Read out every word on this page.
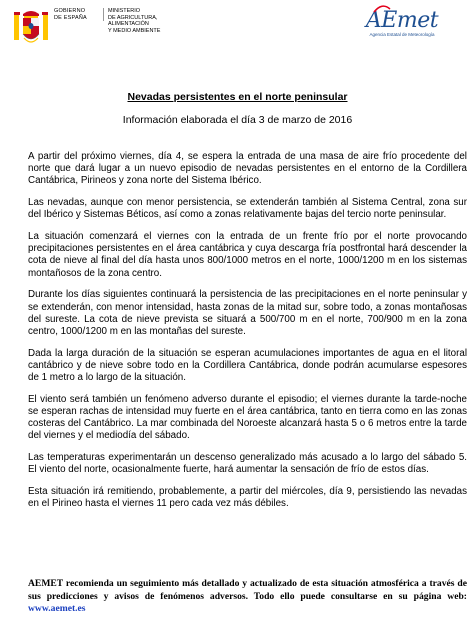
GOBIERNO
DE ESPAÑA
MINISTERIO
DE AGRICULTURA, ALIMENTACIÓN
Y MEDIO AMBIENTE	AEmet
Agencia Estatal de Meteorología
Nevadas persistentes en el norte peninsular
Información elaborada el día 3 de marzo de 2016

A partir del próximo viernes, día 4, se espera la entrada de una masa de aire frío procedente del norte que dará lugar a un nuevo episodio de nevadas persistentes en el entorno de la Cordillera Cantábrica, Pirineos y zona norte del Sistema Ibérico.

Las nevadas, aunque con menor persistencia, se extenderán también al Sistema Central, zona sur del Ibérico y Sistemas Béticos, así como a zonas relativamente bajas del tercio norte peninsular.

La situación comenzará el viernes con la entrada de un frente frío por el norte provocando precipitaciones persistentes en el área cantábrica y cuya descarga fría postfrontal hará descender la cota de nieve al final del día hasta unos 800/1000 metros en el norte, 1000/1200 m en los sistemas montañosos de la zona centro.

Durante los días siguientes continuará la persistencia de las precipitaciones en el norte peninsular y se extenderán, con menor intensidad, hasta zonas de la mitad sur, sobre todo, a zonas montañosas del sureste. La cota de nieve prevista se situará a 500/700 m en el norte, 700/900 m en la zona centro, 1000/1200 m en las montañas del sureste.

Dada la larga duración de la situación se esperan acumulaciones importantes de agua en el litoral cantábrico y de nieve sobre todo en la Cordillera Cantábrica, donde podrán acumularse espesores de 1 metro a lo largo de la situación.

El viento será también un fenómeno adverso durante el episodio; el viernes durante la tarde-noche se esperan rachas de intensidad muy fuerte en el área cantábrica, tanto en tierra como en las zonas costeras del Cantábrico. La mar combinada del Noroeste alcanzará hasta 5 o 6 metros entre la tarde del viernes y el mediodía del sábado.

Las temperaturas experimentarán un descenso generalizado más acusado a lo largo del sábado 5. El viento del norte, ocasionalmente fuerte, hará aumentar la sensación de frío de estos días.

Esta situación irá remitiendo, probablemente, a partir del miércoles, día 9, persistiendo las nevadas en el Pirineo hasta el viernes 11 pero cada vez más débiles.

AEMET recomienda un seguimiento más detallado y actualizado de esta situación atmosférica a través de sus predicciones y avisos de fenómenos adversos. Todo ello puede consultarse en su página web: www.aemet.es
